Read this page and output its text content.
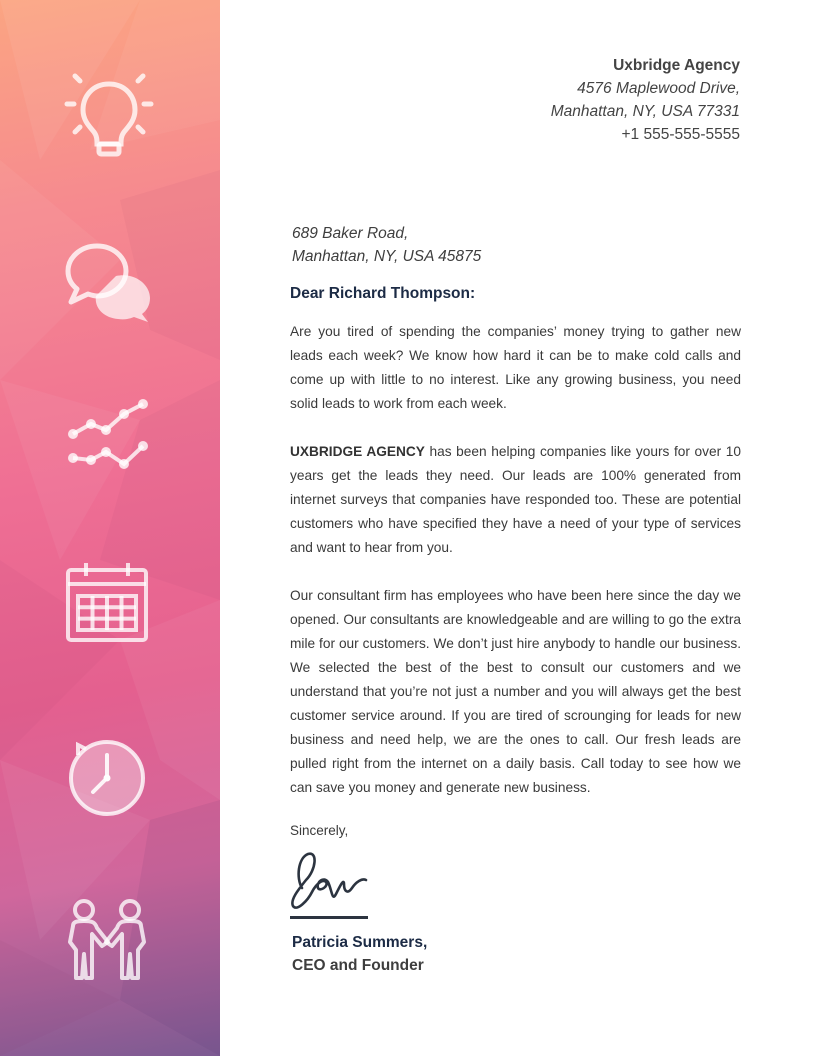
Uxbridge Agency
4576 Maplewood Drive,
Manhattan, NY, USA 77331
+1 555-555-5555
689 Baker Road,
Manhattan, NY, USA 45875
Dear Richard Thompson:

Are you tired of spending the companies’ money trying to gather new leads each week? We know how hard it can be to make cold calls and come up with little to no interest. Like any growing business, you need solid leads to work from each week.

UXBRIDGE AGENCY has been helping companies like yours for over 10 years get the leads they need. Our leads are 100% generated from internet surveys that companies have responded too. These are potential customers who have specified they have a need of your type of services and want to hear from you.

Our consultant firm has employees who have been here since the day we opened. Our consultants are knowledgeable and are willing to go the extra mile for our customers. We don’t just hire anybody to handle our business. We selected the best of the best to consult our customers and we understand that you’re not just a number and you will always get the best customer service around. If you are tired of scrounging for leads for new business and need help, we are the ones to call. Our fresh leads are pulled right from the internet on a daily basis. Call today to see how we can save you money and generate new business.

Sincerely,
Patricia Summers,
CEO and Founder
